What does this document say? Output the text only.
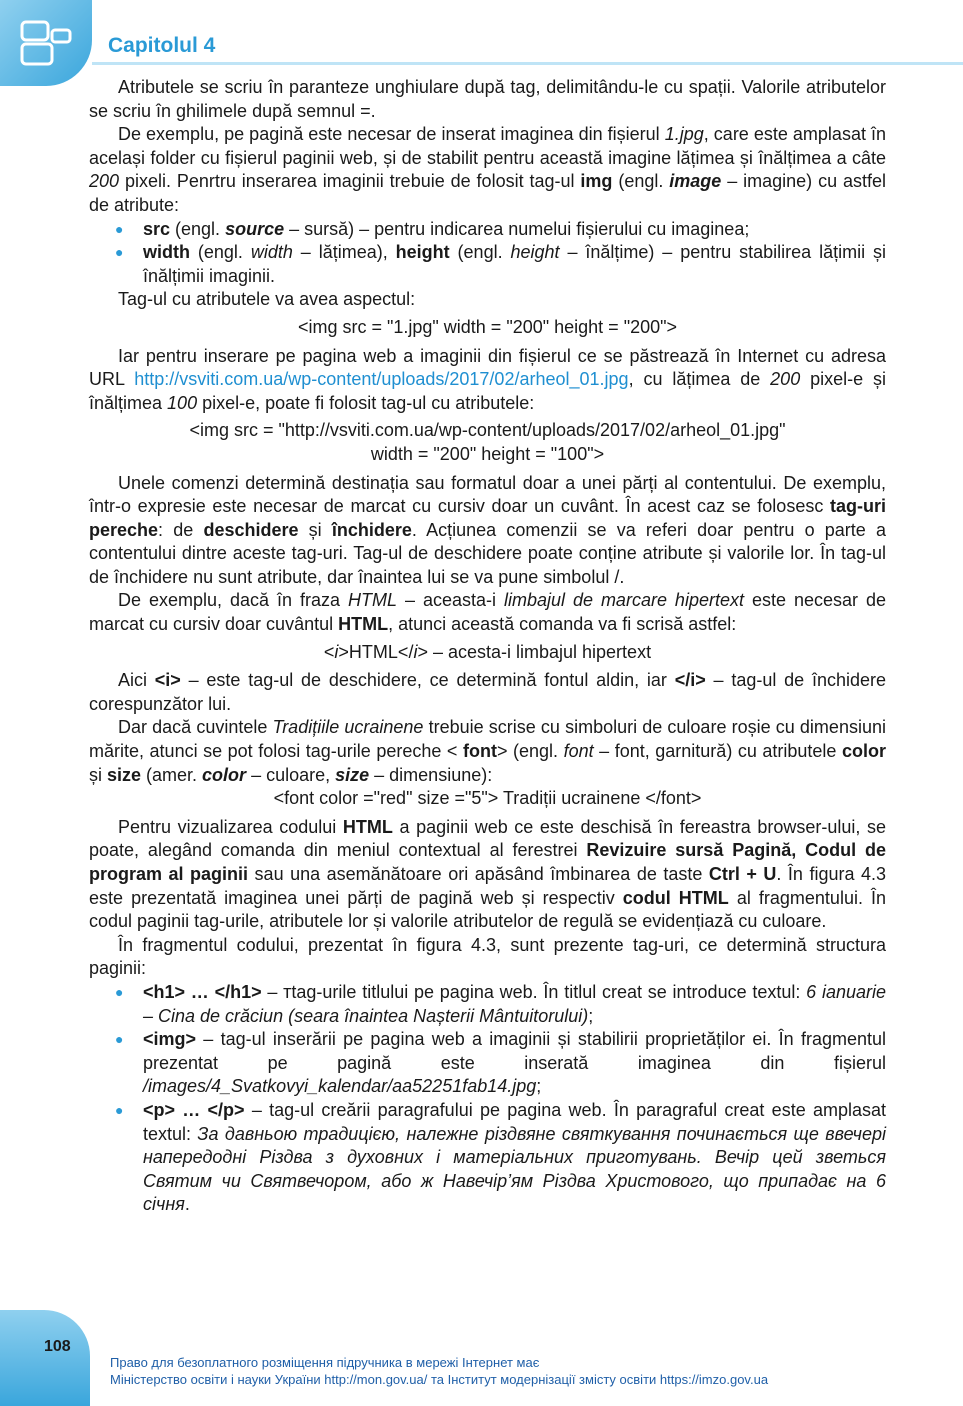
Capitolul 4

Atributele se scriu în paranteze unghiulare după tag, delimitându-le cu spații. Valorile atributelor se scriu în ghilimele după semnul =.

De exemplu, pe pagină este necesar de inserat imaginea din fișierul 1.jpg, care este amplasat în același folder cu fișierul paginii web, și de stabilit pentru această imagine lățimea și înălțimea a câte 200 pixeli. Penrtru inserarea imaginii trebuie de folosit tag-ul img (engl. image – imagine) cu astfel de atribute:

● src (engl. source – sursă) – pentru indicarea numelui fișierului cu imaginea;
● width (engl. width – lățimea), height (engl. height – înălțime) – pentru stabilirea lățimii și înălțimii imaginii.

Tag-ul cu atributele va avea aspectul:

<img src = "1.jpg" width = "200" height = "200">

Iar pentru inserare pe pagina web a imaginii din fișierul ce se păstrează în Internet cu adresa URL http://vsviti.com.ua/wp-content/uploads/2017/02/arheol_01.jpg, cu lățimea de 200 pixel-e și înălțimea 100 pixel-e, poate fi folosit tag-ul cu atributele:

<img src = "http://vsviti.com.ua/wp-content/uploads/2017/02/arheol_01.jpg"
width = "200" height = "100">

Unele comenzi determină destinația sau formatul doar a unei părți al contentului. De exemplu, într-o expresie este necesar de marcat cu cursiv doar un cuvânt. În acest caz se folosesc tag-uri pereche: de deschidere și închidere. Acțiunea comenzii se va referi doar pentru o parte a contentului dintre aceste tag-uri. Tag-ul de deschidere poate conține atribute și valorile lor. În tag-ul de închidere nu sunt atribute, dar înaintea lui se va pune simbolul /.

De exemplu, dacă în fraza HTML – aceasta-i limbajul de marcare hipertext este necesar de marcat cu cursiv doar cuvântul HTML, atunci această comanda va fi scrisă astfel:

<i>HTML</i> – acesta-i limbajul hipertext

Aici <i> – este tag-ul de deschidere, ce determină fontul aldin, iar </i> – tag-ul de închidere corespunzător lui.

Dar dacă cuvintele Tradițiile ucrainene trebuie scrise cu simboluri de culoare roșie cu dimensiuni mărite, atunci se pot folosi tag-urile pereche < font> (engl. font – font, garnitură) cu atributele color și size (amer. color – culoare, size – dimensiune):

<font color ="red" size ="5"> Tradiții ucrainene </font>

Pentru vizualizarea codului HTML a paginii web ce este deschisă în fereastra browser-ului, se poate, alegând comanda din meniul contextual al ferestrei Revizuire sursă Pagină, Codul de program al paginii sau una asemănătoare ori apăsând îmbinarea de taste Ctrl + U. În figura 4.3 este prezentată imaginea unei părți de pagină web și respectiv codul HTML al fragmentului. În codul paginii tag-urile, atributele lor și valorile atributelor de regulă se evidențiază cu culoare.

În fragmentul codului, prezentat în figura 4.3, sunt prezente tag-uri, ce determină structura paginii:

● <h1> … </h1> – тtag-urile titlului pe pagina web. În titlul creat se introduce textul: 6 ianuarie – Cina de crăciun (seara înaintea Nașterii Mântuitorului);
● <img> – tag-ul inserării pe pagina web a imaginii și stabilirii proprietăților ei. În fragmentul prezentat pe pagină este inserată imaginea din fișierul /images/4_Svatkovyi_kalendar/aa52251fab14.jpg;
● <p> … </p> – tag-ul creării paragrafului pe pagina web. În paragraful creat este amplasat textul: За давньою традицією, належне різдвяне святкування починається ще ввечері напередодні Різдва з духовних і матеріальних приготувань. Вечір цей зветься Святим чи Святвечором, або ж Навечір’ям Різдва Христового, що припадає на 6 січня.
108
Право для безоплатного розміщення підручника в мережі Інтернет має
Міністерство освіти і науки України http://mon.gov.ua/ та Інститут модернізації змісту освіти https://imzo.gov.ua
